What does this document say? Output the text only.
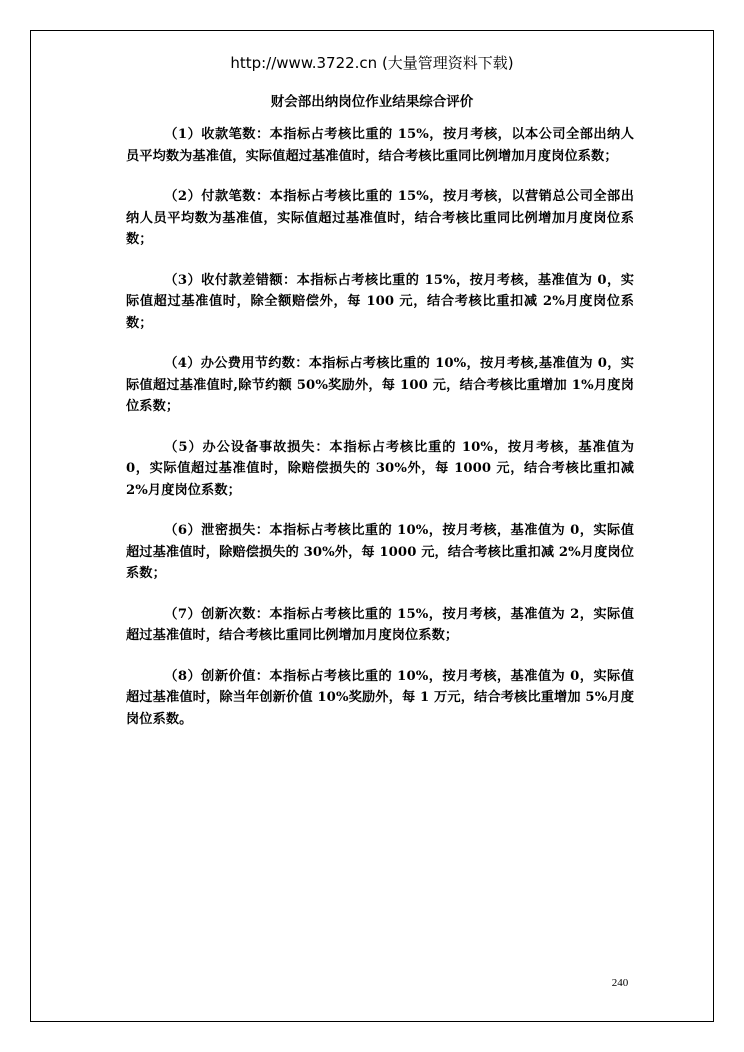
http://www.3722.cn (大量管理资料下载)
财会部出纳岗位作业结果综合评价

（1）收款笔数：本指标占考核比重的 15%，按月考核，以本公司全部出纳人员平均数为基准值，实际值超过基准值时，结合考核比重同比例增加月度岗位系数；

（2）付款笔数：本指标占考核比重的 15%，按月考核，以营销总公司全部出纳人员平均数为基准值，实际值超过基准值时，结合考核比重同比例增加月度岗位系数；

（3）收付款差错额：本指标占考核比重的 15%，按月考核，基准值为 0，实际值超过基准值时，除全额赔偿外，每 100 元，结合考核比重扣减 2%月度岗位系数；

（4）办公费用节约数：本指标占考核比重的 10%，按月考核,基准值为 0，实际值超过基准值时,除节约额 50%奖励外，每 100 元，结合考核比重增加 1%月度岗位系数；

（5）办公设备事故损失：本指标占考核比重的 10%，按月考核，基准值为 0，实际值超过基准值时，除赔偿损失的 30%外，每 1000 元，结合考核比重扣减 2%月度岗位系数；

（6）泄密损失：本指标占考核比重的 10%，按月考核，基准值为 0，实际值超过基准值时，除赔偿损失的 30%外，每 1000 元，结合考核比重扣减 2%月度岗位系数；

（7）创新次数：本指标占考核比重的 15%，按月考核，基准值为 2，实际值超过基准值时，结合考核比重同比例增加月度岗位系数；

（8）创新价值：本指标占考核比重的 10%，按月考核，基准值为 0，实际值超过基准值时，除当年创新价值 10%奖励外，每 1 万元，结合考核比重增加 5%月度岗位系数。

240
